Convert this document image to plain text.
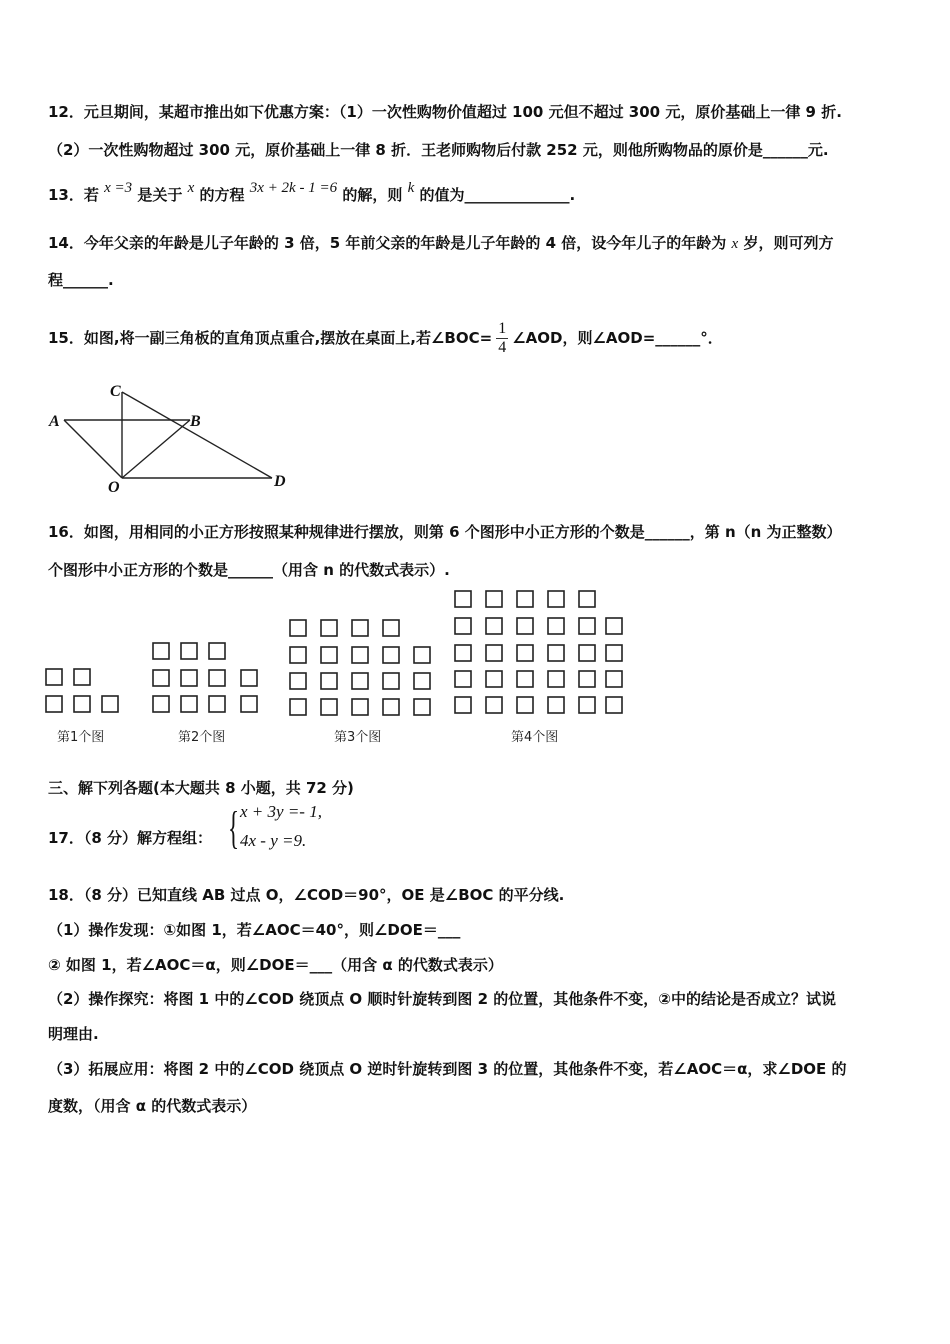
12．元旦期间，某超市推出如下优惠方案：（1）一次性购物价值超过 100 元但不超过 300 元，原价基础上一律 9 折.
（2）一次性购物超过 300 元，原价基础上一律 8 折．王老师购物后付款 252 元，则他所购物品的原价是______元.
13．若 x =3 是关于 x 的方程 3x + 2k - 1 =6 的解，则 k 的值为______________.
14．今年父亲的年龄是儿子年龄的 3 倍，5 年前父亲的年龄是儿子年龄的 4 倍，设今年儿子的年龄为 x 岁，则可列方
程______.
15．如图,将一副三角板的直角顶点重合,摆放在桌面上,若∠BOC= $\frac{1}{4}$ ∠AOD，则∠AOD=______°．
C
A	B
O	D
16．如图，用相同的小正方形按照某种规律进行摆放，则第 6 个图形中小正方形的个数是______，第 n（n 为正整数）
个图形中小正方形的个数是______（用含 n 的代数式表示）.
第1个图	第2个图	第3个图	第4个图
三、解下列各题(本大题共 8 小题，共 72 分)
17．（8 分）解方程组： { x + 3y =- 1,
4x - y =9.
18．（8 分）已知直线 AB 过点 O，∠COD＝90°，OE 是∠BOC 的平分线.
（1）操作发现：①如图 1，若∠AOC＝40°，则∠DOE＝___
② 如图 1，若∠AOC＝α，则∠DOE＝___（用含 α 的代数式表示）
（2）操作探究：将图 1 中的∠COD 绕顶点 O 顺时针旋转到图 2 的位置，其他条件不变，②中的结论是否成立？试说
明理由.
（3）拓展应用：将图 2 中的∠COD 绕顶点 O 逆时针旋转到图 3 的位置，其他条件不变，若∠AOC＝α，求∠DOE 的
度数，（用含 α 的代数式表示）
